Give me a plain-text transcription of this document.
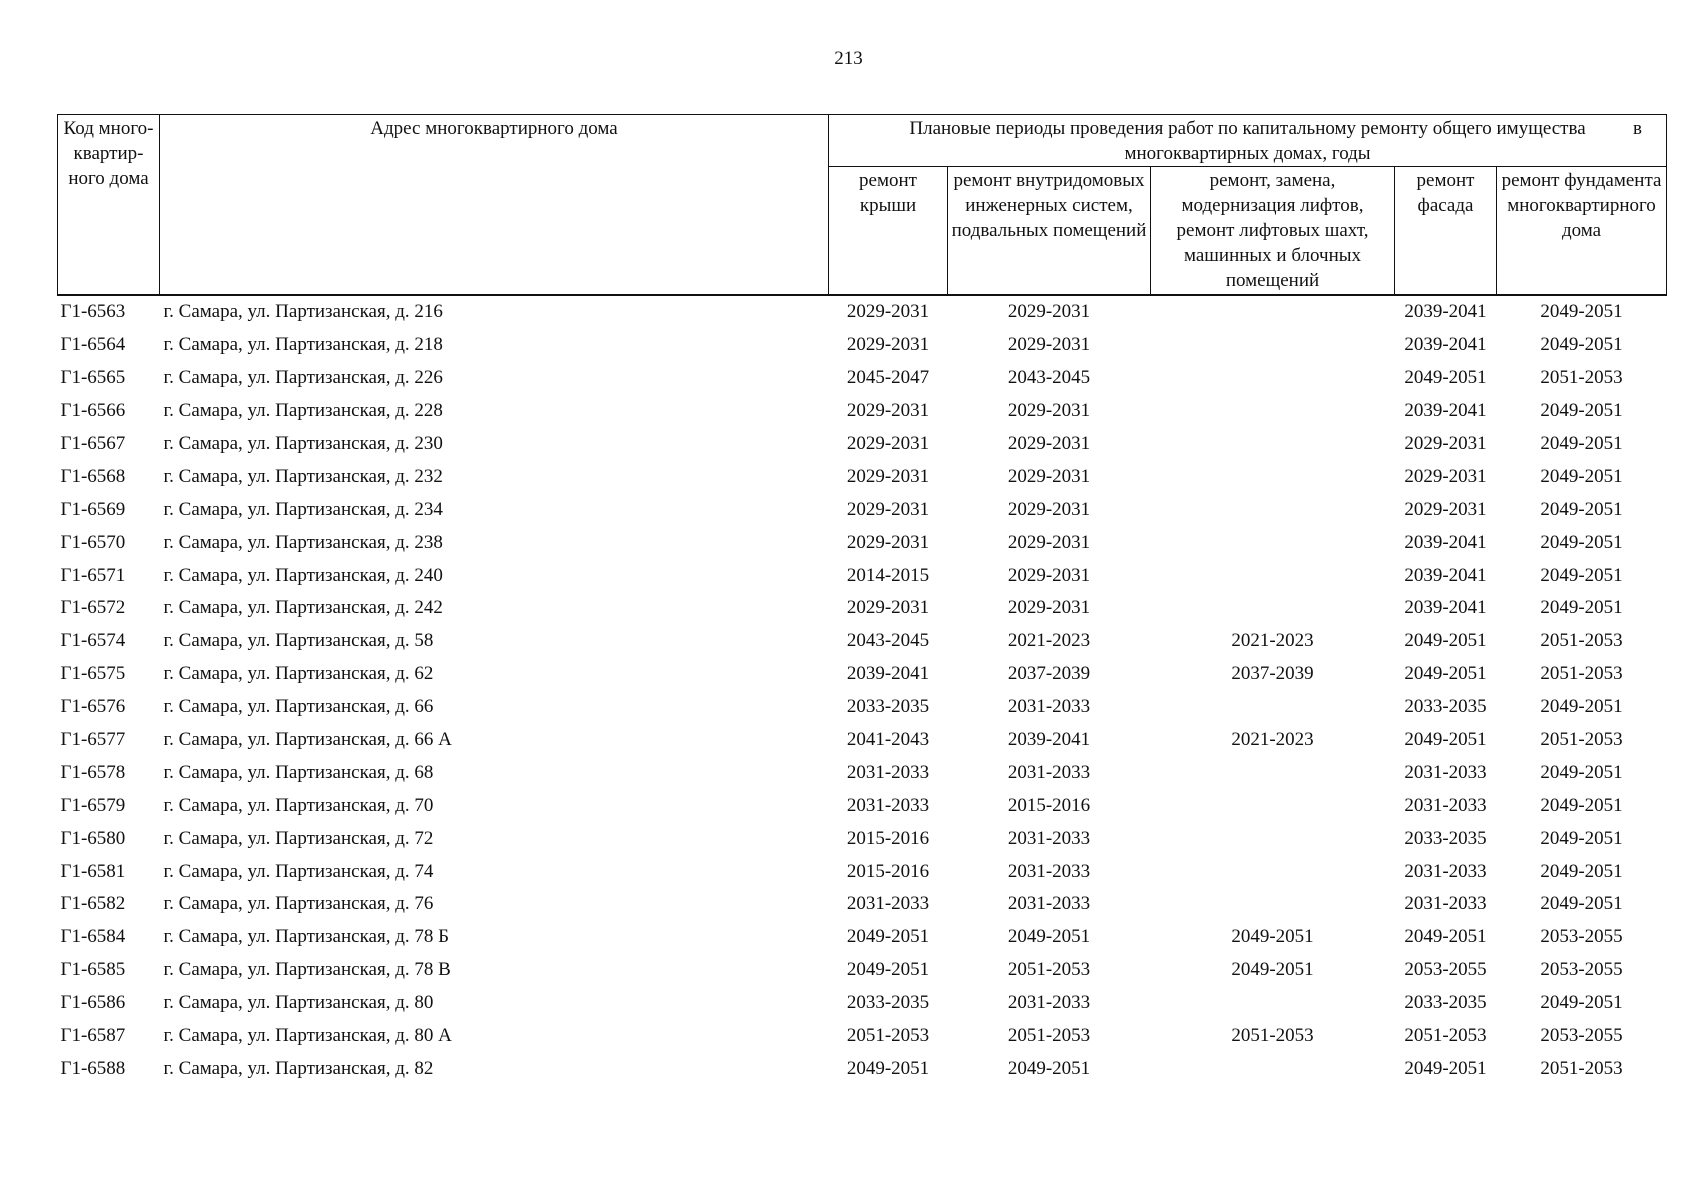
213
Код много-квартир-ного дома	Адрес многоквартирного дома	Плановые периоды проведения работ по капитальному ремонту общего имущества в
многоквартирных домах, годы				
		ремонт крыши	ремонт внутридомовых инженерных систем, подвальных помещений	ремонт, замена, модернизация лифтов, ремонт лифтовых шахт, машинных и блочных помещений	ремонт фасада	ремонт фундамента многоквартирного дома
Г1-6563	г. Самара, ул. Партизанская, д. 216	2029-2031	2029-2031		2039-2041	2049-2051
Г1-6564	г. Самара, ул. Партизанская, д. 218	2029-2031	2029-2031		2039-2041	2049-2051
Г1-6565	г. Самара, ул. Партизанская, д. 226	2045-2047	2043-2045		2049-2051	2051-2053
Г1-6566	г. Самара, ул. Партизанская, д. 228	2029-2031	2029-2031		2039-2041	2049-2051
Г1-6567	г. Самара, ул. Партизанская, д. 230	2029-2031	2029-2031		2029-2031	2049-2051
Г1-6568	г. Самара, ул. Партизанская, д. 232	2029-2031	2029-2031		2029-2031	2049-2051
Г1-6569	г. Самара, ул. Партизанская, д. 234	2029-2031	2029-2031		2029-2031	2049-2051
Г1-6570	г. Самара, ул. Партизанская, д. 238	2029-2031	2029-2031		2039-2041	2049-2051
Г1-6571	г. Самара, ул. Партизанская, д. 240	2014-2015	2029-2031		2039-2041	2049-2051
Г1-6572	г. Самара, ул. Партизанская, д. 242	2029-2031	2029-2031		2039-2041	2049-2051
Г1-6574	г. Самара, ул. Партизанская, д. 58	2043-2045	2021-2023	2021-2023	2049-2051	2051-2053
Г1-6575	г. Самара, ул. Партизанская, д. 62	2039-2041	2037-2039	2037-2039	2049-2051	2051-2053
Г1-6576	г. Самара, ул. Партизанская, д. 66	2033-2035	2031-2033		2033-2035	2049-2051
Г1-6577	г. Самара, ул. Партизанская, д. 66 А	2041-2043	2039-2041	2021-2023	2049-2051	2051-2053
Г1-6578	г. Самара, ул. Партизанская, д. 68	2031-2033	2031-2033		2031-2033	2049-2051
Г1-6579	г. Самара, ул. Партизанская, д. 70	2031-2033	2015-2016		2031-2033	2049-2051
Г1-6580	г. Самара, ул. Партизанская, д. 72	2015-2016	2031-2033		2033-2035	2049-2051
Г1-6581	г. Самара, ул. Партизанская, д. 74	2015-2016	2031-2033		2031-2033	2049-2051
Г1-6582	г. Самара, ул. Партизанская, д. 76	2031-2033	2031-2033		2031-2033	2049-2051
Г1-6584	г. Самара, ул. Партизанская, д. 78 Б	2049-2051	2049-2051	2049-2051	2049-2051	2053-2055
Г1-6585	г. Самара, ул. Партизанская, д. 78 В	2049-2051	2051-2053	2049-2051	2053-2055	2053-2055
Г1-6586	г. Самара, ул. Партизанская, д. 80	2033-2035	2031-2033		2033-2035	2049-2051
Г1-6587	г. Самара, ул. Партизанская, д. 80 А	2051-2053	2051-2053	2051-2053	2051-2053	2053-2055
Г1-6588	г. Самара, ул. Партизанская, д. 82	2049-2051	2049-2051		2049-2051	2051-2053
